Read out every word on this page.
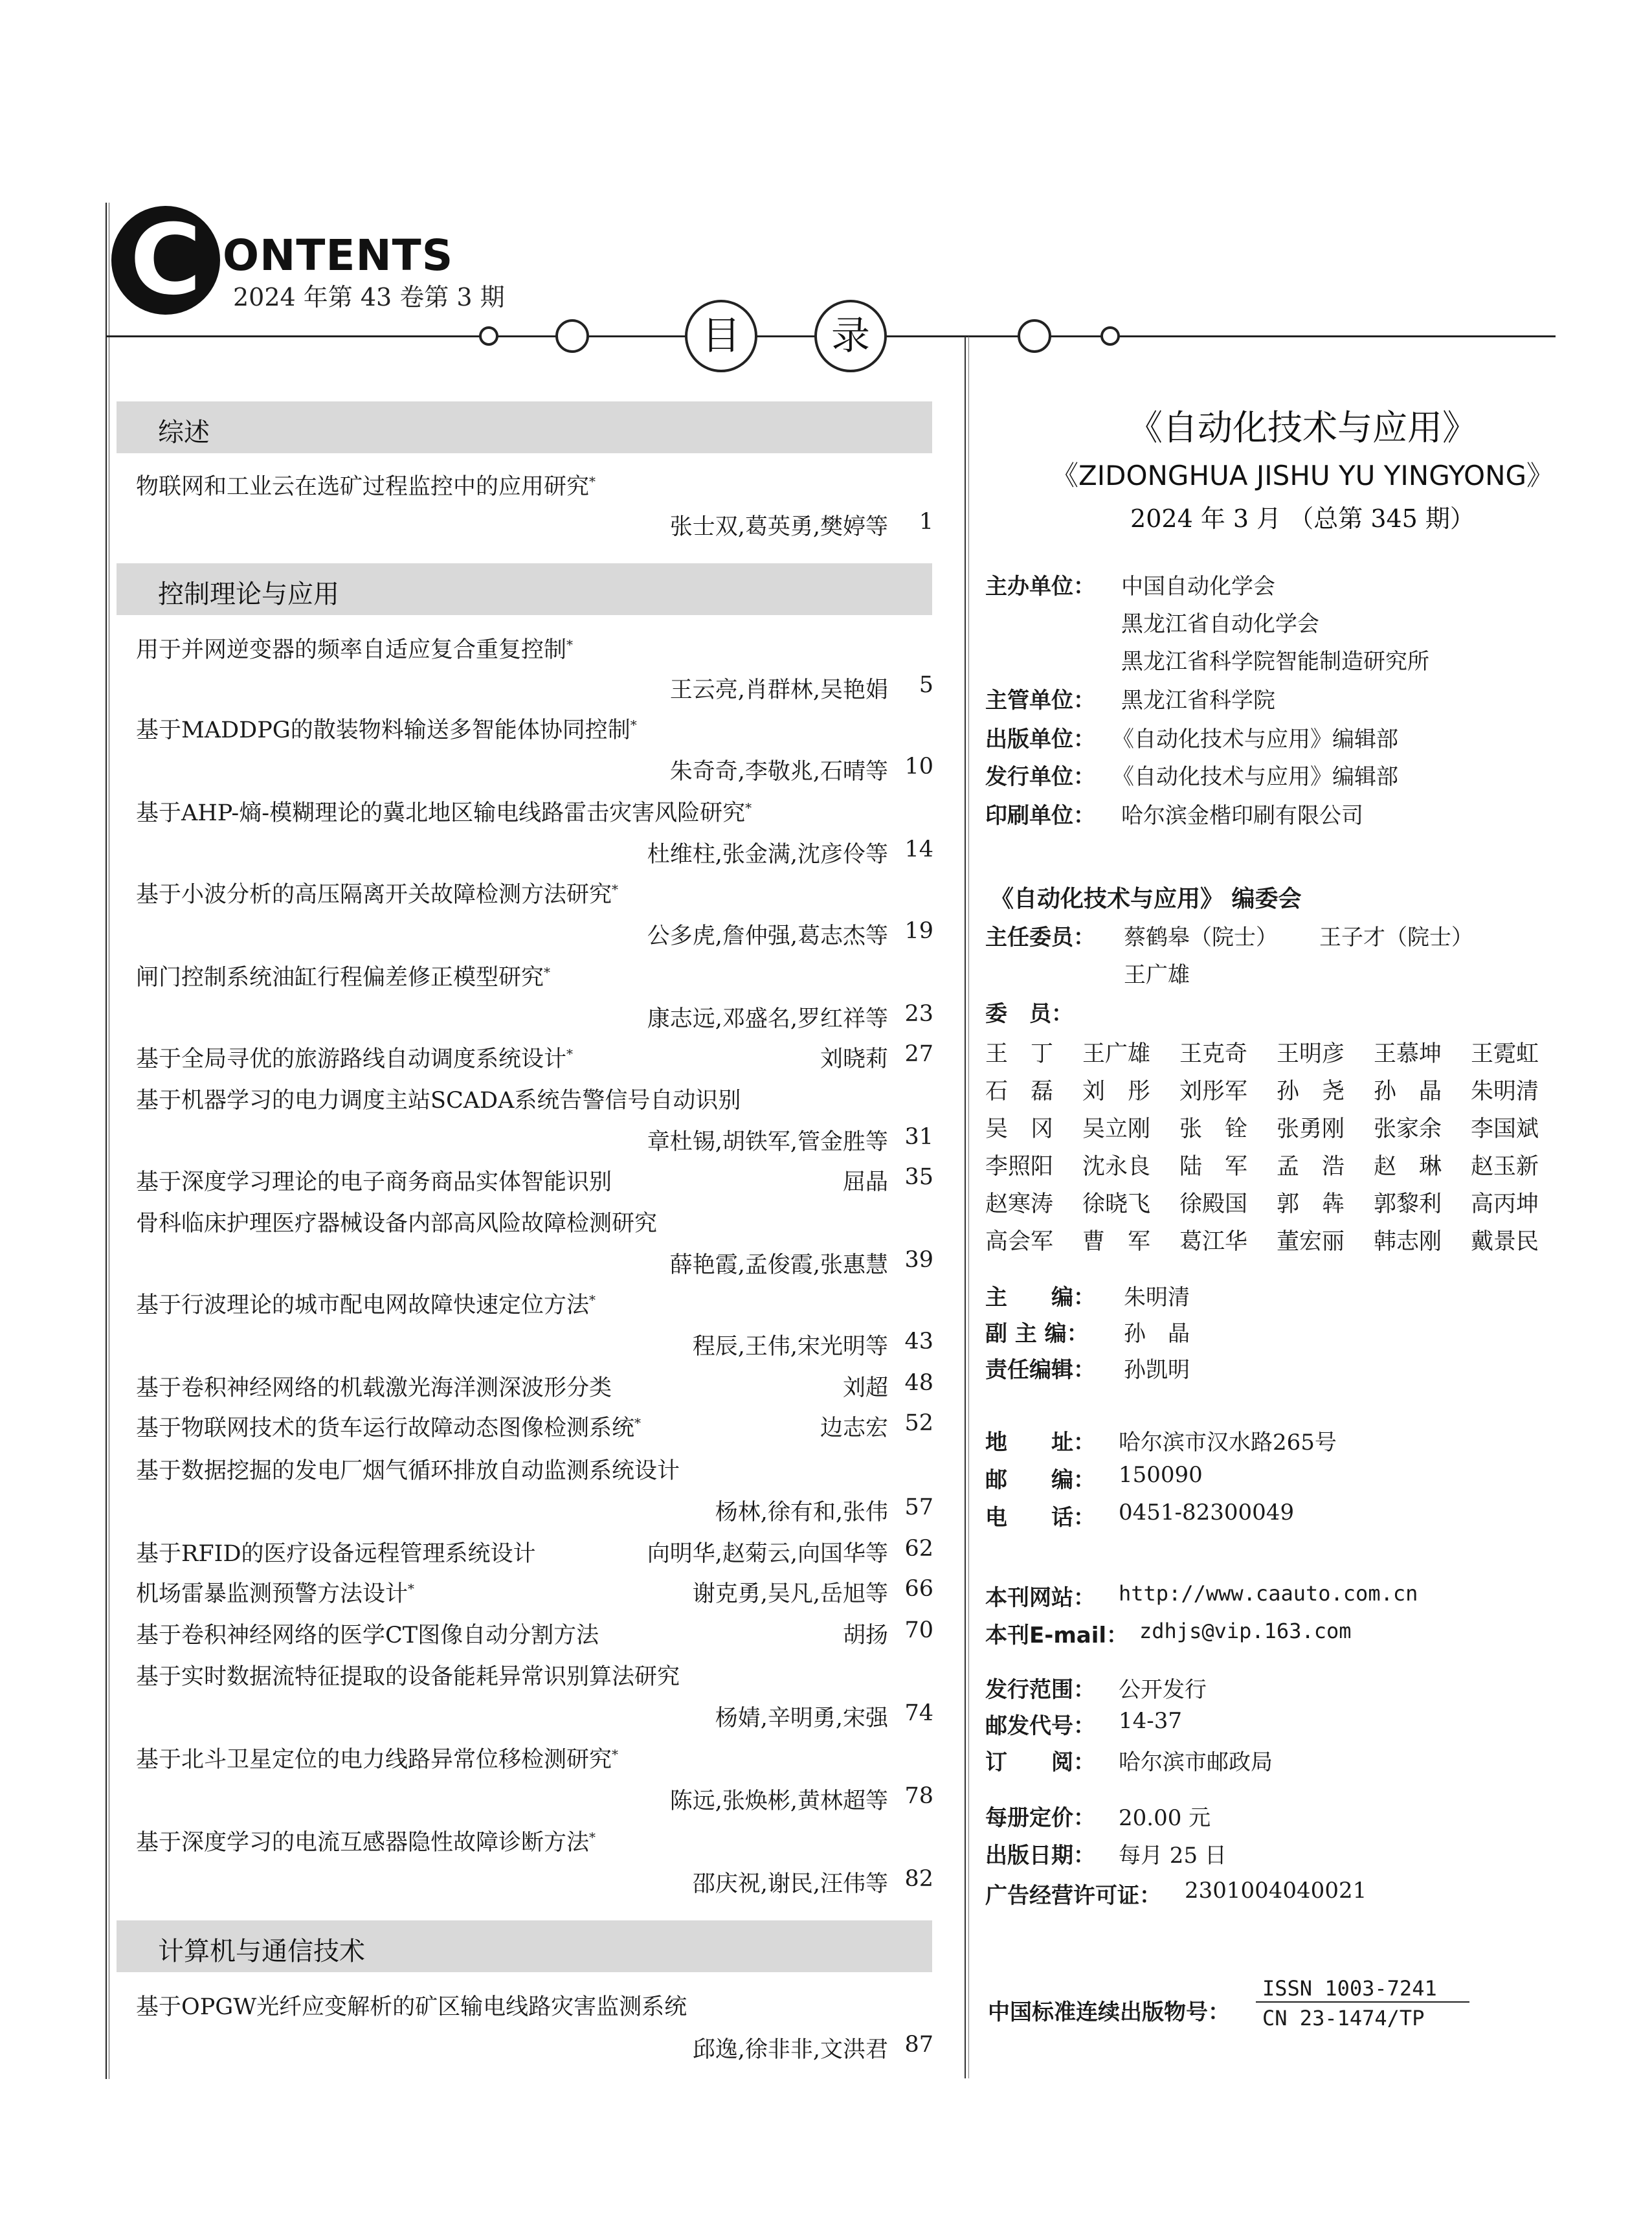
C ONTENTS
2024 年第 43 卷第 3 期
目	录
综述
物联网和工业云在选矿过程监控中的应用研究*
张士双,葛英勇,樊婷等	1
控制理论与应用
用于并网逆变器的频率自适应复合重复控制*
王云亮,肖群林,吴艳娟	5
基于MADDPG的散装物料输送多智能体协同控制*
朱奇奇,李敬兆,石晴等 10
基于AHP-熵-模糊理论的冀北地区输电线路雷击灾害风险研究*
杜维柱,张金满,沈彦伶等 14
基于小波分析的高压隔离开关故障检测方法研究*
公多虎,詹仲强,葛志杰等 19
闸门控制系统油缸行程偏差修正模型研究*
康志远,邓盛名,罗红祥等 23
基于全局寻优的旅游路线自动调度系统设计*	刘晓莉 27
基于机器学习的电力调度主站SCADA系统告警信号自动识别
章杜锡,胡铁军,管金胜等 31
基于深度学习理论的电子商务商品实体智能识别	屈晶 35
骨科临床护理医疗器械设备内部高风险故障检测研究
薛艳霞,孟俊霞,张惠慧 39
基于行波理论的城市配电网故障快速定位方法*
程辰,王伟,宋光明等 43
基于卷积神经网络的机载激光海洋测深波形分类	刘超 48
基于物联网技术的货车运行故障动态图像检测系统*	边志宏 52
基于数据挖掘的发电厂烟气循环排放自动监测系统设计
杨林,徐有和,张伟 57
基于RFID的医疗设备远程管理系统设计	向明华,赵菊云,向国华等 62
机场雷暴监测预警方法设计*	谢克勇,吴凡,岳旭等 66
基于卷积神经网络的医学CT图像自动分割方法	胡扬 70
基于实时数据流特征提取的设备能耗异常识别算法研究
杨婧,辛明勇,宋强 74
基于北斗卫星定位的电力线路异常位移检测研究*
陈远,张焕彬,黄林超等 78
基于深度学习的电流互感器隐性故障诊断方法*
邵庆祝,谢民,汪伟等 82
计算机与通信技术
基于OPGW光纤应变解析的矿区输电线路灾害监测系统
邱逸,徐非非,文洪君 87
《自动化技术与应用》
《ZIDONGHUA JISHU YU YINGYONG》
2024 年 3 月 （总第 345 期）
主办单位： 中国自动化学会
黑龙江省自动化学会
黑龙江省科学院智能制造研究所
主管单位： 黑龙江省科学院
出版单位： 《自动化技术与应用》编辑部
发行单位： 《自动化技术与应用》编辑部
印刷单位： 哈尔滨金楷印刷有限公司
《自动化技术与应用》 编委会
主任委员： 蔡鹤皋（院士） 王子才（院士）
王广雄
委　员：
王　丁 王广雄 王克奇 王明彦 王慕坤 王霓虹
石　磊 刘　彤 刘彤军 孙　尧 孙　晶 朱明清
吴　冈 吴立刚 张　铨 张勇刚 张家余 李国斌
李照阳 沈永良 陆　军 孟　浩 赵　琳 赵玉新
赵寒涛 徐晓飞 徐殿国 郭　犇 郭黎利 高丙坤
高会军 曹　军 葛江华 董宏丽 韩志刚 戴景民
主　　编： 朱明清
副 主 编： 孙　晶
责任编辑： 孙凯明
地　　址： 哈尔滨市汉水路265号
邮　　编： 150090
电　　话： 0451-82300049
本刊网站： http://www.caauto.com.cn
本刊E-mail： zdhjs@vip.163.com
发行范围： 公开发行
邮发代号： 14-37
订　　阅： 哈尔滨市邮政局
每册定价： 20.00 元
出版日期： 每月 25 日
广告经营许可证： 2301004040021
中国标准连续出版物号：
ISSN 1003-7241
CN 23-1474/TP
